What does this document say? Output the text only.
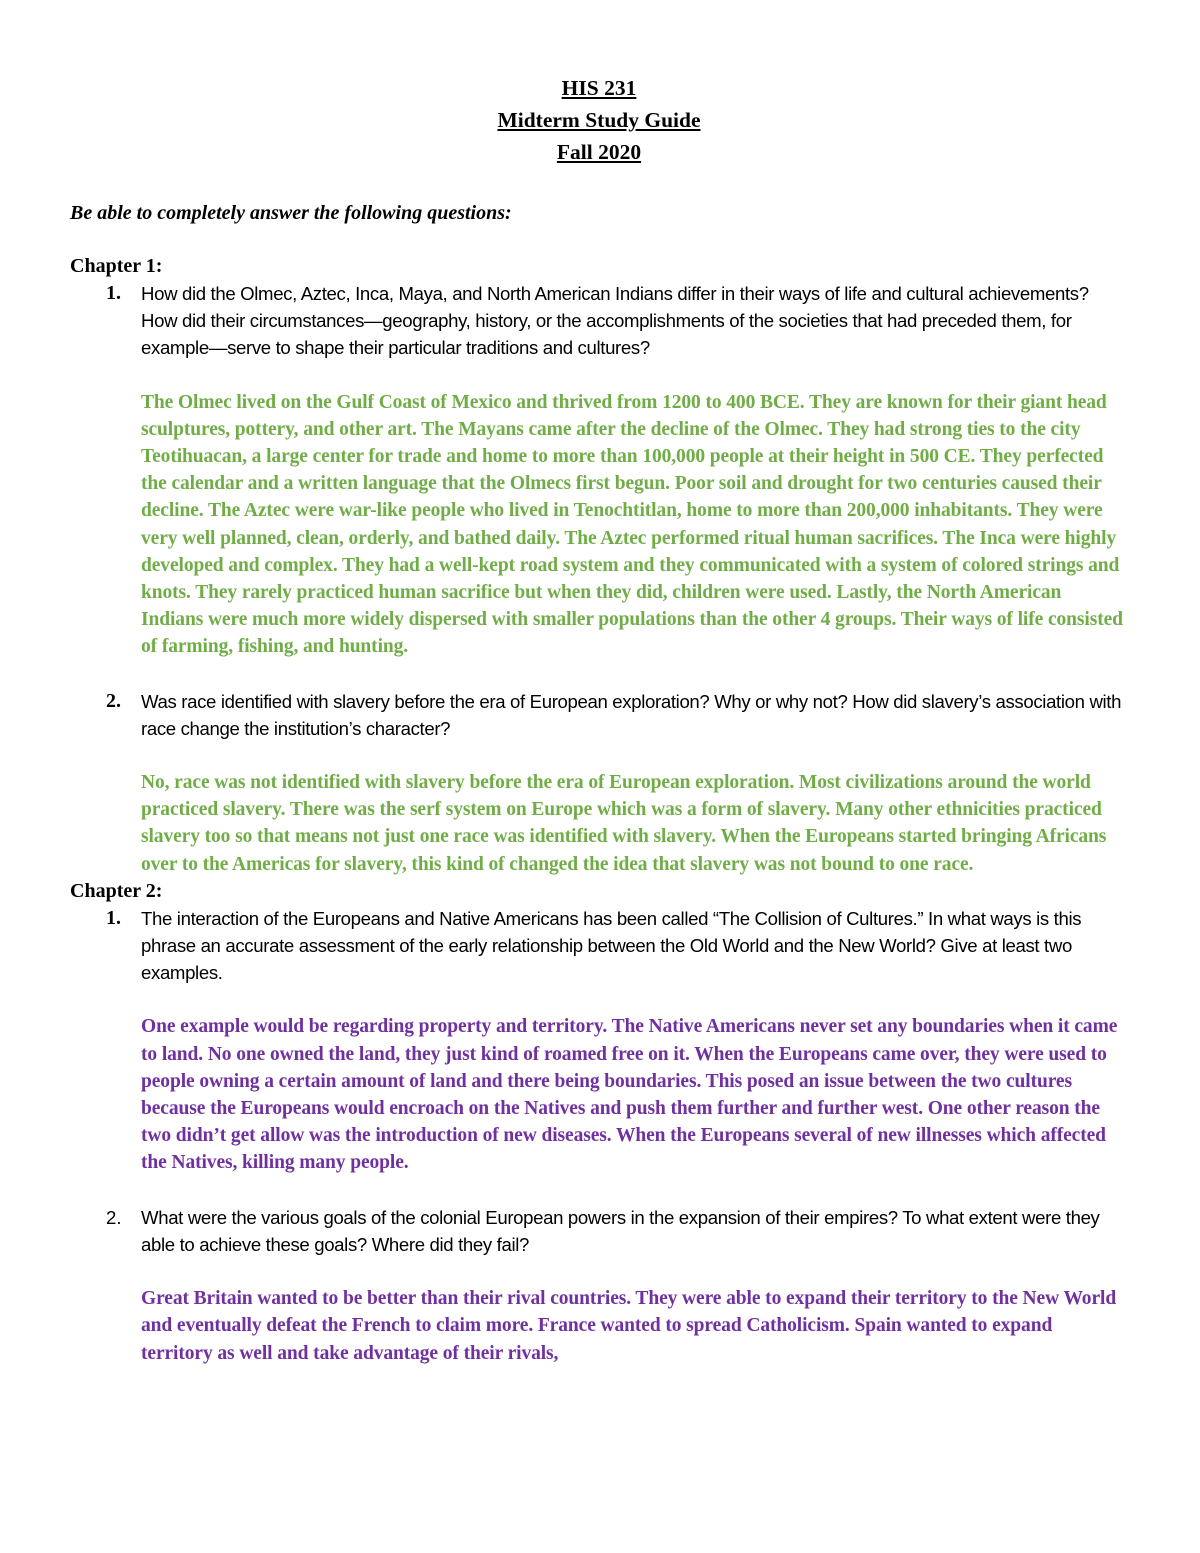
HIS 231
Midterm Study Guide
Fall 2020
Be able to completely answer the following questions:
Chapter 1:
1. How did the Olmec, Aztec, Inca, Maya, and North American Indians differ in their ways of life and cultural achievements? How did their circumstances—geography, history, or the accomplishments of the societies that had preceded them, for example—serve to shape their particular traditions and cultures?
The Olmec lived on the Gulf Coast of Mexico and thrived from 1200 to 400 BCE. They are known for their giant head sculptures, pottery, and other art. The Mayans came after the decline of the Olmec. They had strong ties to the city Teotihuacan, a large center for trade and home to more than 100,000 people at their height in 500 CE. They perfected the calendar and a written language that the Olmecs first begun. Poor soil and drought for two centuries caused their decline. The Aztec were war-like people who lived in Tenochtitlan, home to more than 200,000 inhabitants. They were very well planned, clean, orderly, and bathed daily. The Aztec performed ritual human sacrifices. The Inca were highly developed and complex. They had a well-kept road system and they communicated with a system of colored strings and knots. They rarely practiced human sacrifice but when they did, children were used. Lastly, the North American Indians were much more widely dispersed with smaller populations than the other 4 groups. Their ways of life consisted of farming, fishing, and hunting.
2. Was race identified with slavery before the era of European exploration? Why or why not? How did slavery’s association with race change the institution’s character?
No, race was not identified with slavery before the era of European exploration. Most civilizations around the world practiced slavery. There was the serf system on Europe which was a form of slavery. Many other ethnicities practiced slavery too so that means not just one race was identified with slavery. When the Europeans started bringing Africans over to the Americas for slavery, this kind of changed the idea that slavery was not bound to one race.
Chapter 2:
1. The interaction of the Europeans and Native Americans has been called “The Collision of Cultures.” In what ways is this phrase an accurate assessment of the early relationship between the Old World and the New World? Give at least two examples.
One example would be regarding property and territory. The Native Americans never set any boundaries when it came to land. No one owned the land, they just kind of roamed free on it. When the Europeans came over, they were used to people owning a certain amount of land and there being boundaries. This posed an issue between the two cultures because the Europeans would encroach on the Natives and push them further and further west. One other reason the two didn’t get allow was the introduction of new diseases. When the Europeans several of new illnesses which affected the Natives, killing many people.
2. What were the various goals of the colonial European powers in the expansion of their empires? To what extent were they able to achieve these goals? Where did they fail?
Great Britain wanted to be better than their rival countries. They were able to expand their territory to the New World and eventually defeat the French to claim more. France wanted to spread Catholicism. Spain wanted to expand territory as well and take advantage of their rivals,
